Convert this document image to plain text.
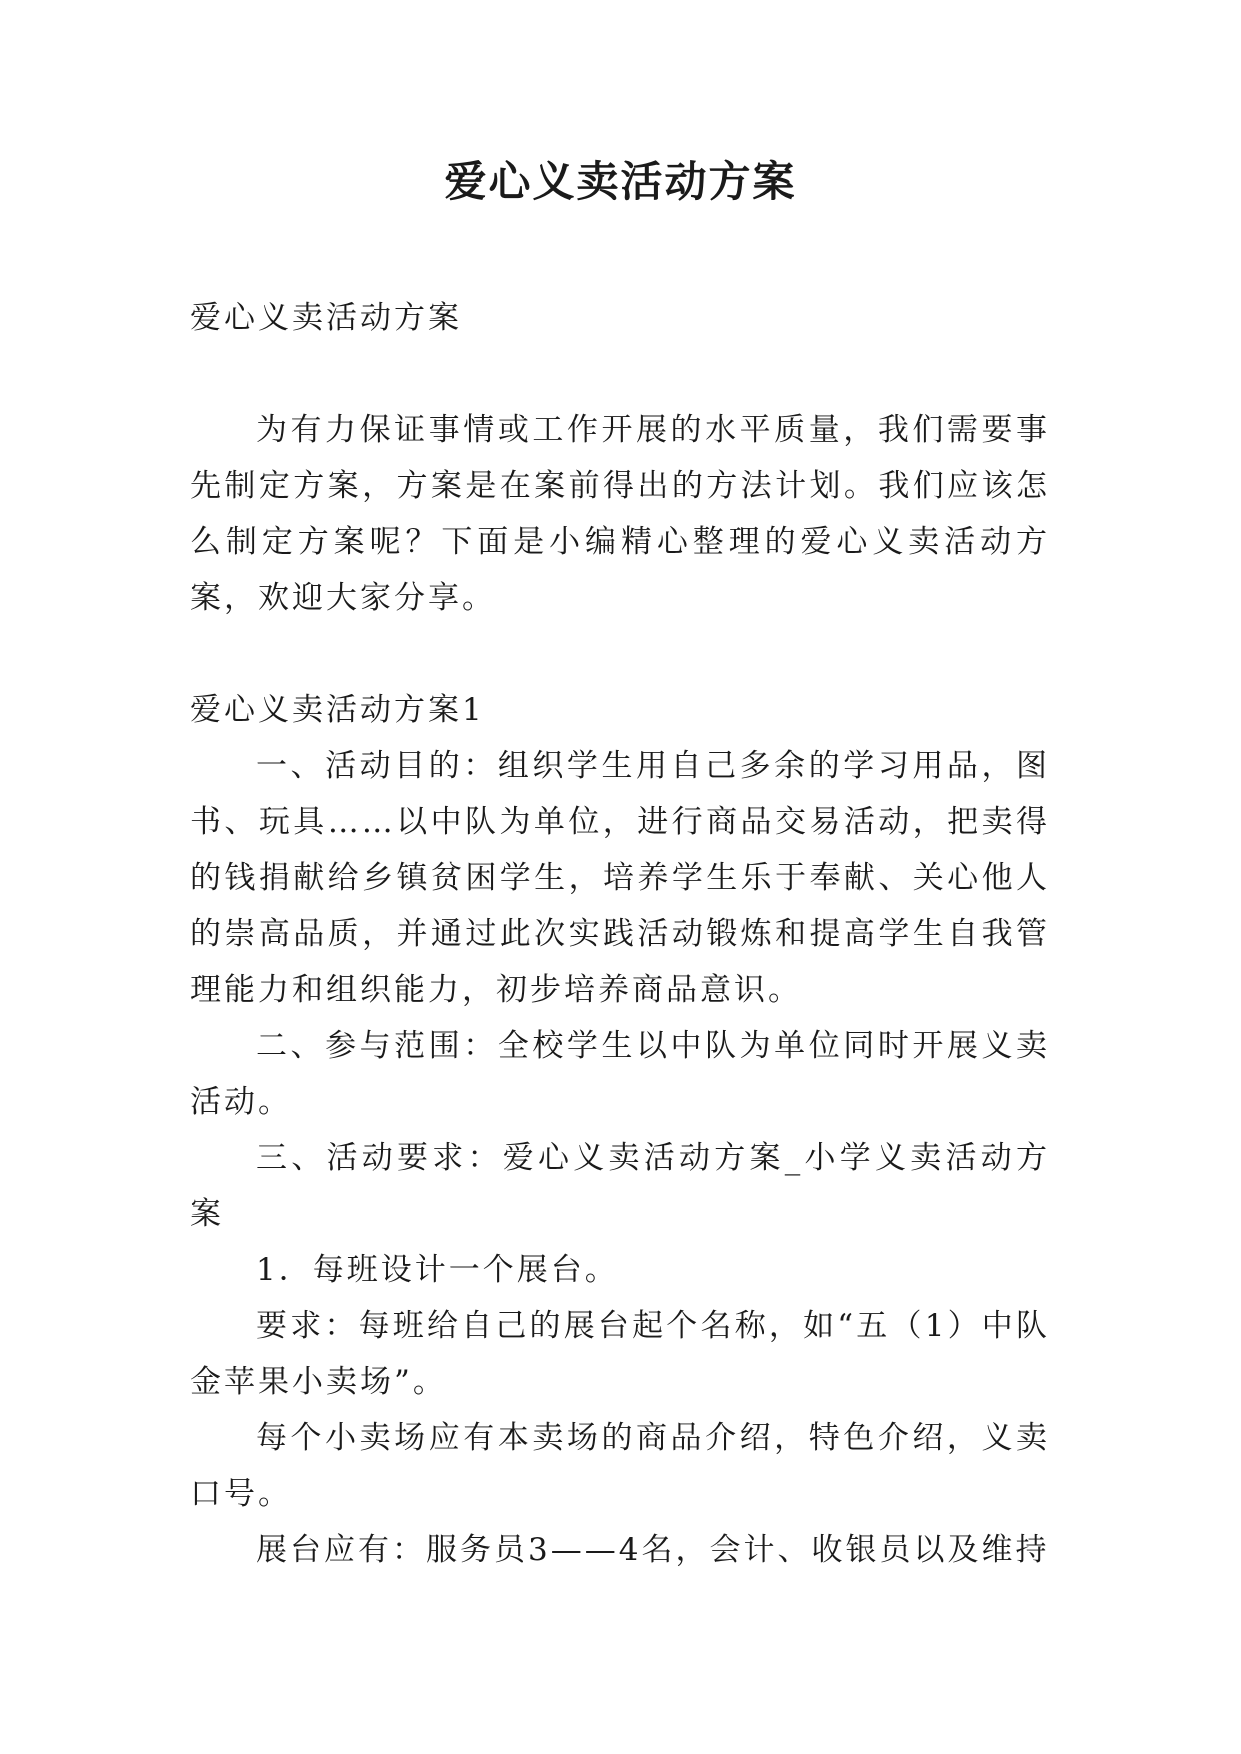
爱心义卖活动方案

爱心义卖活动方案

为有力保证事情或工作开展的水平质量，我们需要事先制定方案，方案是在案前得出的方法计划。我们应该怎么制定方案呢？下面是小编精心整理的爱心义卖活动方案，欢迎大家分享。

爱心义卖活动方案1

一、活动目的：组织学生用自己多余的学习用品，图书、玩具……以中队为单位，进行商品交易活动，把卖得的钱捐献给乡镇贫困学生，培养学生乐于奉献、关心他人的崇高品质，并通过此次实践活动锻炼和提高学生自我管理能力和组织能力，初步培养商品意识。

二、参与范围：全校学生以中队为单位同时开展义卖活动。

三、活动要求：爱心义卖活动方案_小学义卖活动方案

1．每班设计一个展台。

要求：每班给自己的展台起个名称，如“五（1）中队金苹果小卖场”。

每个小卖场应有本卖场的商品介绍，特色介绍，义卖口号。

展台应有：服务员3——4名，会计、收银员以及维持
